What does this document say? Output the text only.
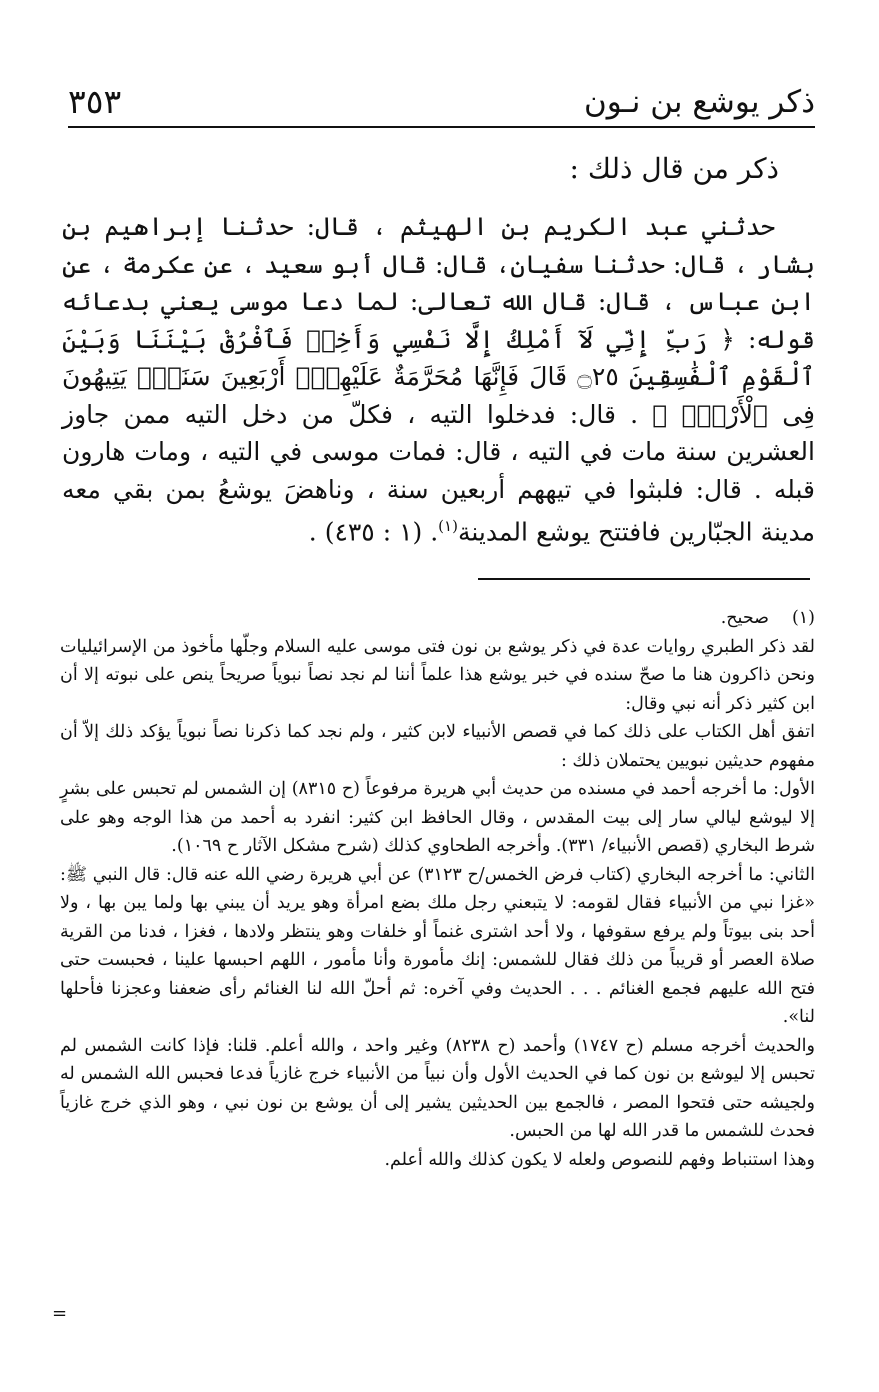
ذكر يوشع بن نـون
٣٥٣
ذكر من قال ذلك :

حدثني عبد الكريم بن الهيثم ، قال: حدثنا إبراهيم بن بشار ، قال: حدثنا سفيان، قال: قال أبو سعيد ، عن عكرمة ، عن ابن عباس ، قال: قال الله تعالى: لما دعا موسى يعني بدعائه قوله: ﴿ رَبِّ إِنِّي لَآ أَمْلِكُ إِلَّا نَفْسِي وَأَخِىۖ فَٱفْرُقْ بَيْنَنَا وَبَيْنَ ٱلْقَوْمِ ٱلْفَٰسِقِينَ ۝٢٥ قَالَ فَإِنَّهَا مُحَرَّمَةٌ عَلَيْهِمْۛ أَرْبَعِينَ سَنَةًۛ يَتِيهُونَ فِى ٱلْأَرْضِۚ ﴾ . قال: فدخلوا التيه ، فكلّ من دخل التيه ممن جاوز العشرين سنة مات في التيه ، قال: فمات موسى في التيه ، ومات هارون قبله . قال: فلبثوا في تيههم أربعين سنة ، وناهضَ يوشعُ بمن بقي معه مدينة الجبّارين فافتتح يوشع المدينة$^{(١)}$. (١ : ٤٣٥) .

(١)صحيح.
لقد ذكر الطبري روايات عدة في ذكر يوشع بن نون فتى موسى عليه السلام وجلّها مأخوذ من الإسرائيليات ونحن ذاكرون هنا ما صحّ سنده في خبر يوشع هذا علماً أننا لم نجد نصاً نبوياً صريحاً ينص على نبوته إلا أن ابن كثير ذكر أنه نبي وقال:
اتفق أهل الكتاب على ذلك كما في قصص الأنبياء لابن كثير ، ولم نجد كما ذكرنا نصاً نبوياً يؤكد ذلك إلاّ أن مفهوم حديثين نبويين يحتملان ذلك :
الأول: ما أخرجه أحمد في مسنده من حديث أبي هريرة مرفوعاً (ح ٨٣١٥) إن الشمس لم تحبس على بشرٍ إلا ليوشع ليالي سار إلى بيت المقدس ، وقال الحافظ ابن كثير: انفرد به أحمد من هذا الوجه وهو على شرط البخاري (قصص الأنبياء/ ٣٣١). وأخرجه الطحاوي كذلك (شرح مشكل الآثار ح ١٠٦٩).
الثاني: ما أخرجه البخاري (كتاب فرض الخمس/ح ٣١٢٣) عن أبي هريرة رضي الله عنه قال: قال النبي ﷺ: «غزا نبي من الأنبياء فقال لقومه: لا يتبعني رجل ملك بضع امرأة وهو يريد أن يبني بها ولما يبن بها ، ولا أحد بنى بيوتاً ولم يرفع سقوفها ، ولا أحد اشترى غنماً أو خلفات وهو ينتظر ولادها ، فغزا ، فدنا من القرية صلاة العصر أو قريباً من ذلك فقال للشمس: إنك مأمورة وأنا مأمور ، اللهم احبسها علينا ، فحبست حتى فتح الله عليهم فجمع الغنائم . . . الحديث وفي آخره: ثم أحلّ الله لنا الغنائم رأى ضعفنا وعجزنا فأحلها لنا».
والحديث أخرجه مسلم (ح ١٧٤٧) وأحمد (ح ٨٢٣٨) وغير واحد ، والله أعلم. قلنا: فإذا كانت الشمس لم تحبس إلا ليوشع بن نون كما في الحديث الأول وأن نبياً من الأنبياء خرج غازياً فدعا فحبس الله الشمس له ولجيشه حتى فتحوا المصر ، فالجمع بين الحديثين يشير إلى أن يوشع بن نون نبي ، وهو الذي خرج غازياً فحدث للشمس ما قدر الله لها من الحبس.
وهذا استنباط وفهم للنصوص ولعله لا يكون كذلك والله أعلم.
=
